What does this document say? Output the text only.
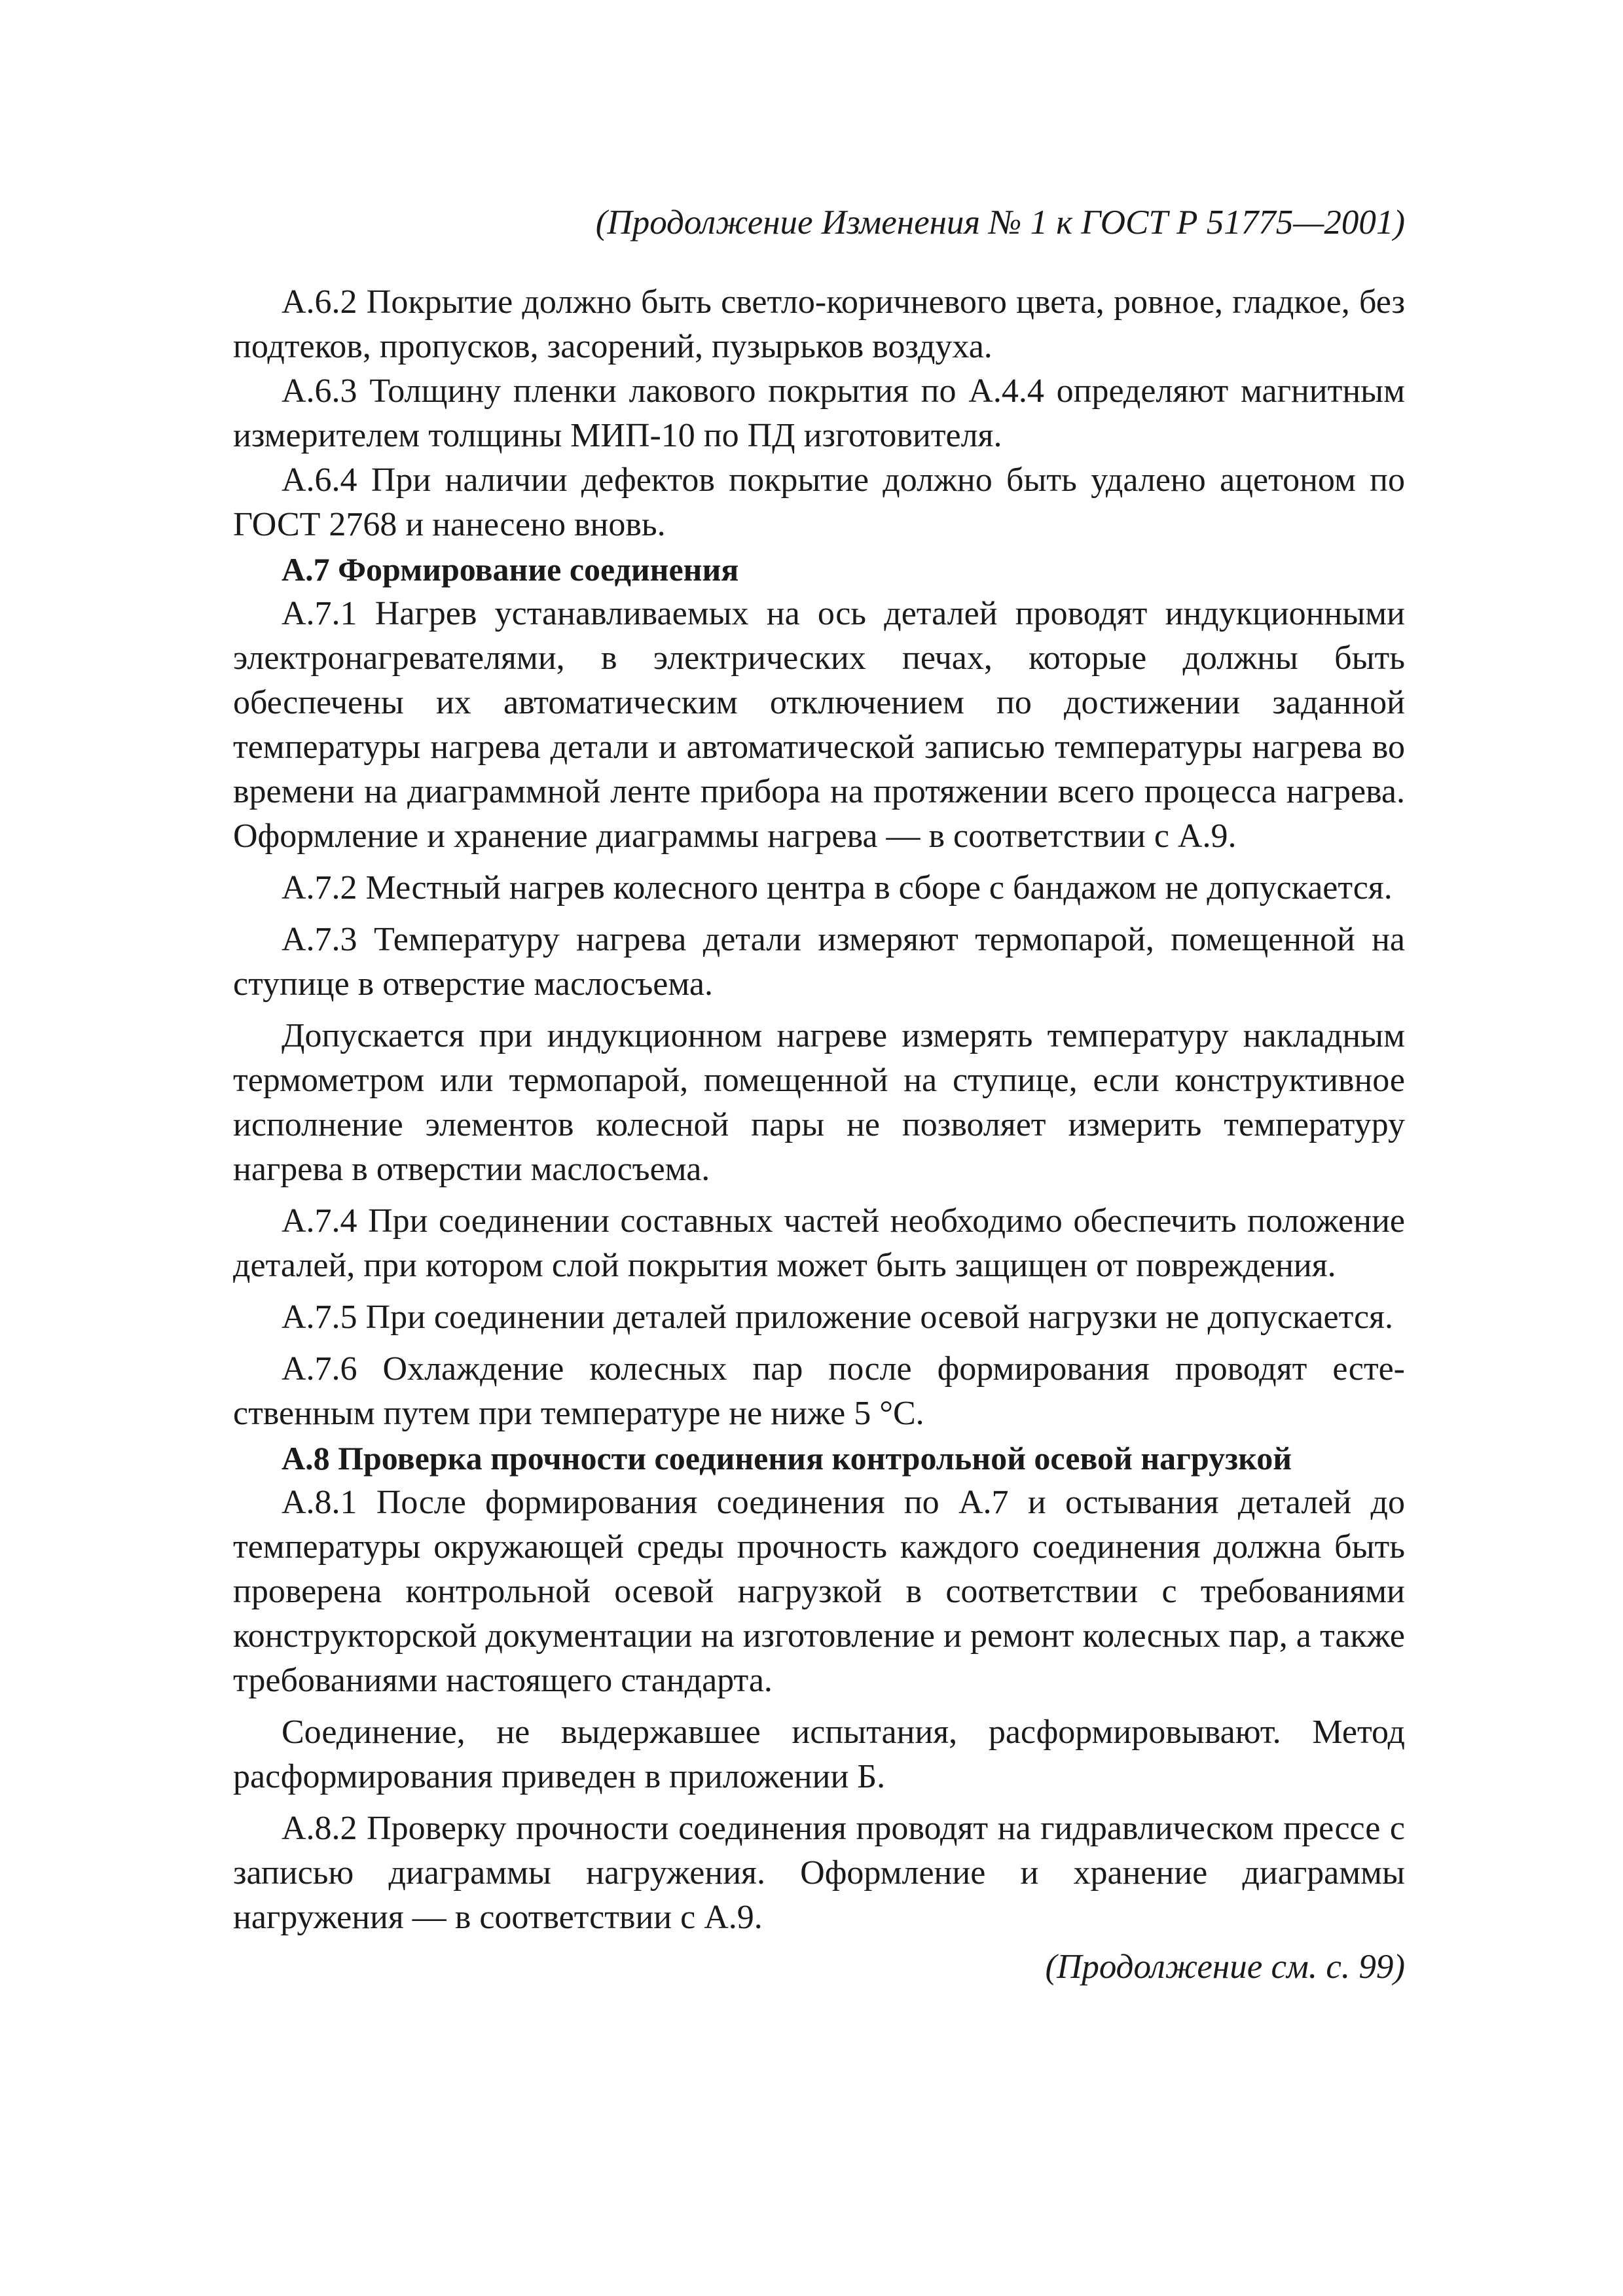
(Продолжение Изменения № 1 к ГОСТ Р 51775—2001)

А.6.2 Покрытие должно быть светло-коричневого цвета, ровное, гладкое, без подтеков, пропусков, засорений, пузырьков воздуха.

А.6.3 Толщину пленки лакового покрытия по А.4.4 определяют магнитным измерителем толщины МИП-10 по ПД изготовителя.

А.6.4 При наличии дефектов покрытие должно быть удалено ацетоном по ГОСТ 2768 и нанесено вновь.

А.7 Формирование соединения

А.7.1 Нагрев устанавливаемых на ось деталей проводят индукционными электронагревателями, в электрических печах, которые должны быть обеспечены их автоматическим отключением по достижении заданной температуры нагрева детали и автоматической записью температуры нагрева во времени на диаграммной ленте прибора на протяжении всего процесса нагрева. Оформление и хранение диаграммы нагрева — в соответствии с А.9.

А.7.2 Местный нагрев колесного центра в сборе с бандажом не допускается.

А.7.3 Температуру нагрева детали измеряют термопарой, помещенной на ступице в отверстие маслосъема.

Допускается при индукционном нагреве измерять температуру накладным термометром или термопарой, помещенной на ступице, если конструктивное исполнение элементов колесной пары не позволяет измерить температуру нагрева в отверстии маслосъема.

А.7.4 При соединении составных частей необходимо обеспечить положение деталей, при котором слой покрытия может быть защищен от повреждения.

А.7.5 При соединении деталей приложение осевой нагрузки не допускается.

А.7.6 Охлаждение колесных пар после формирования проводят естественным путем при температуре не ниже 5 °С.

А.8 Проверка прочности соединения контрольной осевой нагрузкой

А.8.1 После формирования соединения по А.7 и остывания деталей до температуры окружающей среды прочность каждого соединения должна быть проверена контрольной осевой нагрузкой в соответствии с требованиями конструкторской документации на изготовление и ремонт колесных пар, а также требованиями настоящего стандарта.

Соединение, не выдержавшее испытания, расформировывают. Метод расформирования приведен в приложении Б.

А.8.2 Проверку прочности соединения проводят на гидравлическом прессе с записью диаграммы нагружения. Оформление и хранение диаграммы нагружения — в соответствии с А.9.

(Продолжение см. с. 99)
